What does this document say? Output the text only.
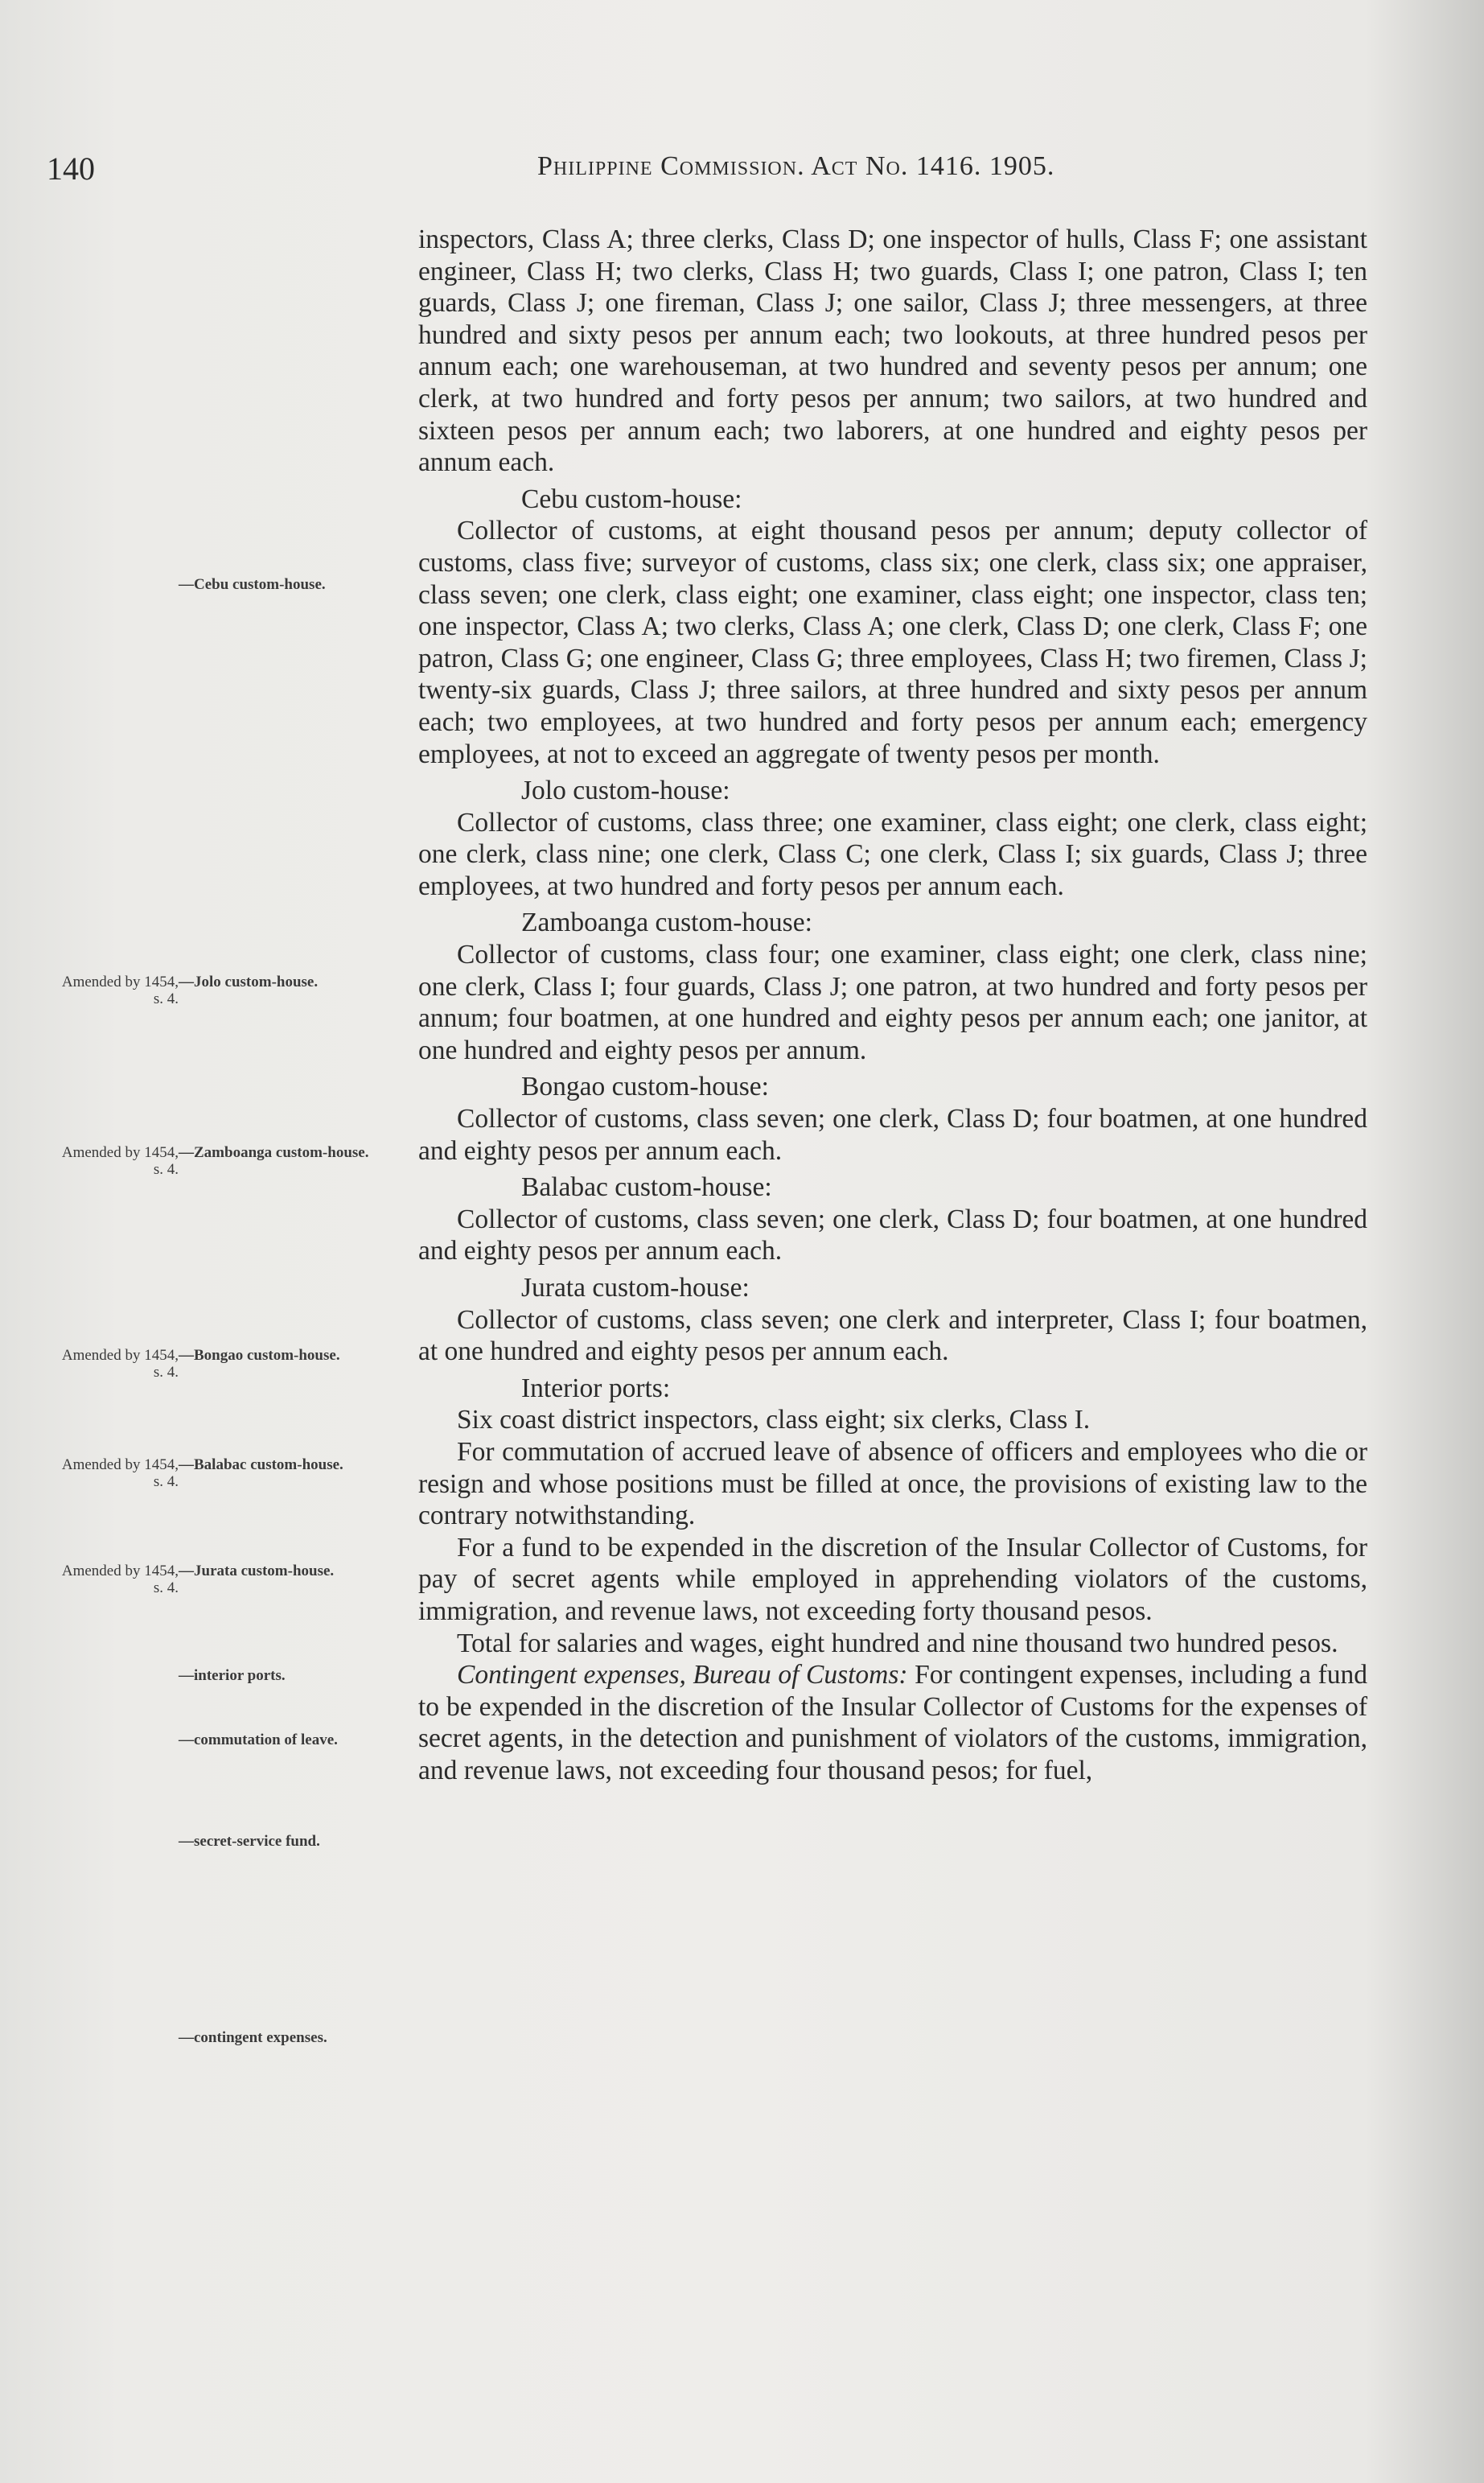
140	Philippine Commission. Act No. 1416. 1905.
—Cebu custom-house.
Amended by 1454, s. 4.
—Jolo custom-house.
Amended by 1454, s. 4.
—Zamboanga custom-house.
Amended by 1454, s. 4.
—Bongao custom-house.
Amended by 1454, s. 4.
—Balabac custom-house.
Amended by 1454, s. 4.
—Jurata custom-house.
—interior ports.
—commutation of leave.
—secret-service fund.
—contingent expenses.

inspectors, Class A; three clerks, Class D; one inspector of hulls, Class F; one assistant engineer, Class H; two clerks, Class H; two guards, Class I; one patron, Class I; ten guards, Class J; one fireman, Class J; one sailor, Class J; three messengers, at three hundred and sixty pesos per annum each; two lookouts, at three hundred pesos per annum each; one warehouseman, at two hundred and seventy pesos per annum; one clerk, at two hundred and forty pesos per annum; two sailors, at two hundred and sixteen pesos per annum each; two laborers, at one hundred and eighty pesos per annum each.

Cebu custom-house:

Collector of customs, at eight thousand pesos per annum; deputy collector of customs, class five; surveyor of customs, class six; one clerk, class six; one appraiser, class seven; one clerk, class eight; one examiner, class eight; one inspector, class ten; one inspector, Class A; two clerks, Class A; one clerk, Class D; one clerk, Class F; one patron, Class G; one engineer, Class G; three employees, Class H; two firemen, Class J; twenty-six guards, Class J; three sailors, at three hundred and sixty pesos per annum each; two employees, at two hundred and forty pesos per annum each; emergency employees, at not to exceed an aggregate of twenty pesos per month.

Jolo custom-house:

Collector of customs, class three; one examiner, class eight; one clerk, class eight; one clerk, class nine; one clerk, Class C; one clerk, Class I; six guards, Class J; three employees, at two hundred and forty pesos per annum each.

Zamboanga custom-house:

Collector of customs, class four; one examiner, class eight; one clerk, class nine; one clerk, Class I; four guards, Class J; one patron, at two hundred and forty pesos per annum; four boatmen, at one hundred and eighty pesos per annum each; one janitor, at one hundred and eighty pesos per annum.

Bongao custom-house:

Collector of customs, class seven; one clerk, Class D; four boatmen, at one hundred and eighty pesos per annum each.

Balabac custom-house:

Collector of customs, class seven; one clerk, Class D; four boatmen, at one hundred and eighty pesos per annum each.

Jurata custom-house:

Collector of customs, class seven; one clerk and interpreter, Class I; four boatmen, at one hundred and eighty pesos per annum each.

Interior ports:

Six coast district inspectors, class eight; six clerks, Class I.

For commutation of accrued leave of absence of officers and employees who die or resign and whose positions must be filled at once, the provisions of existing law to the contrary notwithstanding.

For a fund to be expended in the discretion of the Insular Collector of Customs, for pay of secret agents while employed in apprehending violators of the customs, immigration, and revenue laws, not exceeding forty thousand pesos.

Total for salaries and wages, eight hundred and nine thousand two hundred pesos.

Contingent expenses, Bureau of Customs: For contingent expenses, including a fund to be expended in the discretion of the Insular Collector of Customs for the expenses of secret agents, in the detection and punishment of violators of the customs, immigration, and revenue laws, not exceeding four thousand pesos; for fuel,
